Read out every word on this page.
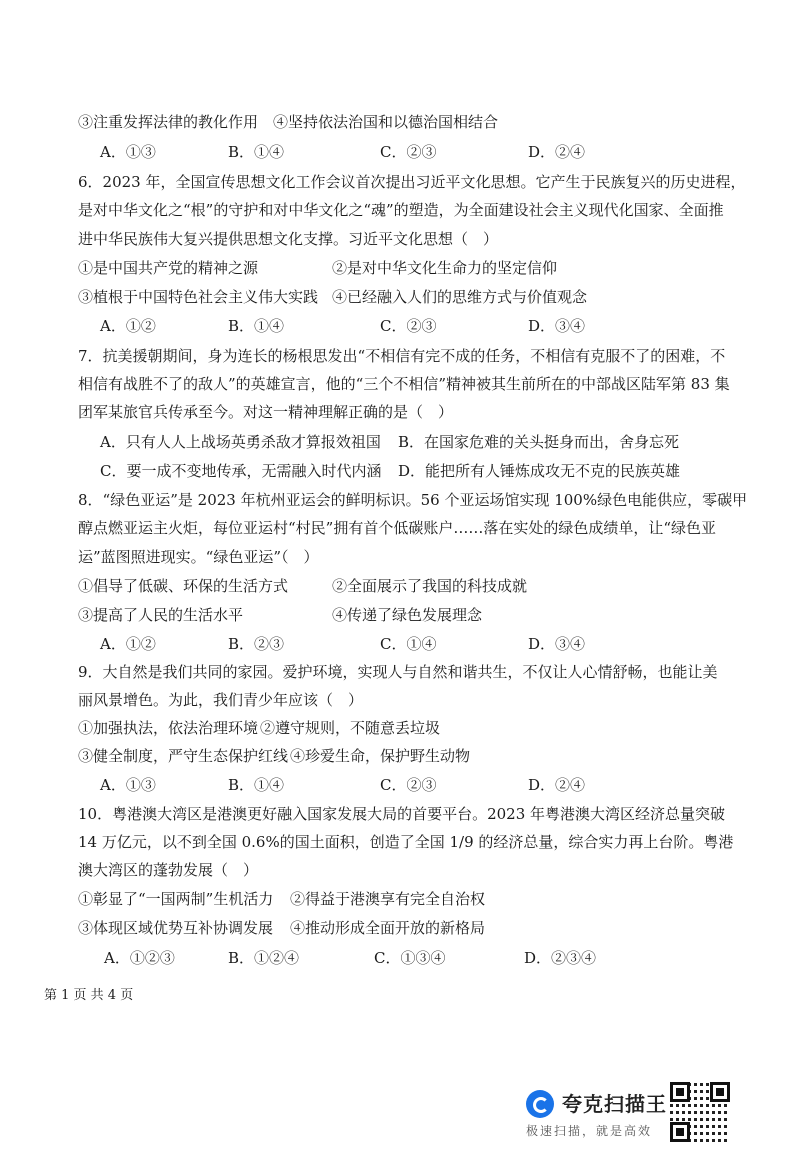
③注重发挥法律的教化作用　④坚持依法治国和以德治国相结合
A．①③	B．①④	C．②③	D．②④
6．2023 年，全国宣传思想文化工作会议首次提出习近平文化思想。它产生于民族复兴的历史进程，
是对中华文化之“根”的守护和对中华文化之“魂”的塑造，为全面建设社会主义现代化国家、全面推
进中华民族伟大复兴提供思想文化支撑。习近平文化思想（　）
①是中国共产党的精神之源	②是对中华文化生命力的坚定信仰
③植根于中国特色社会主义伟大实践 ④已经融入人们的思维方式与价值观念
A．①②	B．①④	C．②③	D．③④
7．抗美援朝期间，身为连长的杨根思发出“不相信有完不成的任务，不相信有克服不了的困难，不
相信有战胜不了的敌人”的英雄宣言，他的“三个不相信”精神被其生前所在的中部战区陆军第 83 集
团军某旅官兵传承至今。对这一精神理解正确的是（　）
A．只有人人上战场英勇杀敌才算报效祖国 B．在国家危难的关头挺身而出，舍身忘死
C．要一成不变地传承，无需融入时代内涵 D．能把所有人锤炼成攻无不克的民族英雄
8．“绿色亚运”是 2023 年杭州亚运会的鲜明标识。56 个亚运场馆实现 100%绿色电能供应，零碳甲
醇点燃亚运主火炬，每位亚运村“村民”拥有首个低碳账户……落在实处的绿色成绩单，让“绿色亚
运”蓝图照进现实。“绿色亚运”（　）
①倡导了低碳、环保的生活方式	②全面展示了我国的科技成就
③提高了人民的生活水平	④传递了绿色发展理念
A．①②	B．②③	C．①④	D．③④
9．大自然是我们共同的家园。爱护环境，实现人与自然和谐共生，不仅让人心情舒畅，也能让美
丽风景增色。为此，我们青少年应该（　）
①加强执法，依法治理环境 ②遵守规则，不随意丢垃圾
③健全制度，严守生态保护红线 ④珍爱生命，保护野生动物
A．①③	B．①④	C．②③	D．②④
10．粤港澳大湾区是港澳更好融入国家发展大局的首要平台。2023 年粤港澳大湾区经济总量突破
14 万亿元，以不到全国 0.6%的国土面积，创造了全国 1/9 的经济总量，综合实力再上台阶。粤港
澳大湾区的蓬勃发展（　）
①彰显了“一国两制”生机活力 ②得益于港澳享有完全自治权
③体现区域优势互补协调发展 ④推动形成全面开放的新格局
A．①②③	B．①②④	C．①③④	D．②③④
第 1 页 共 4 页
夸克扫描王
极速扫描，就是高效
